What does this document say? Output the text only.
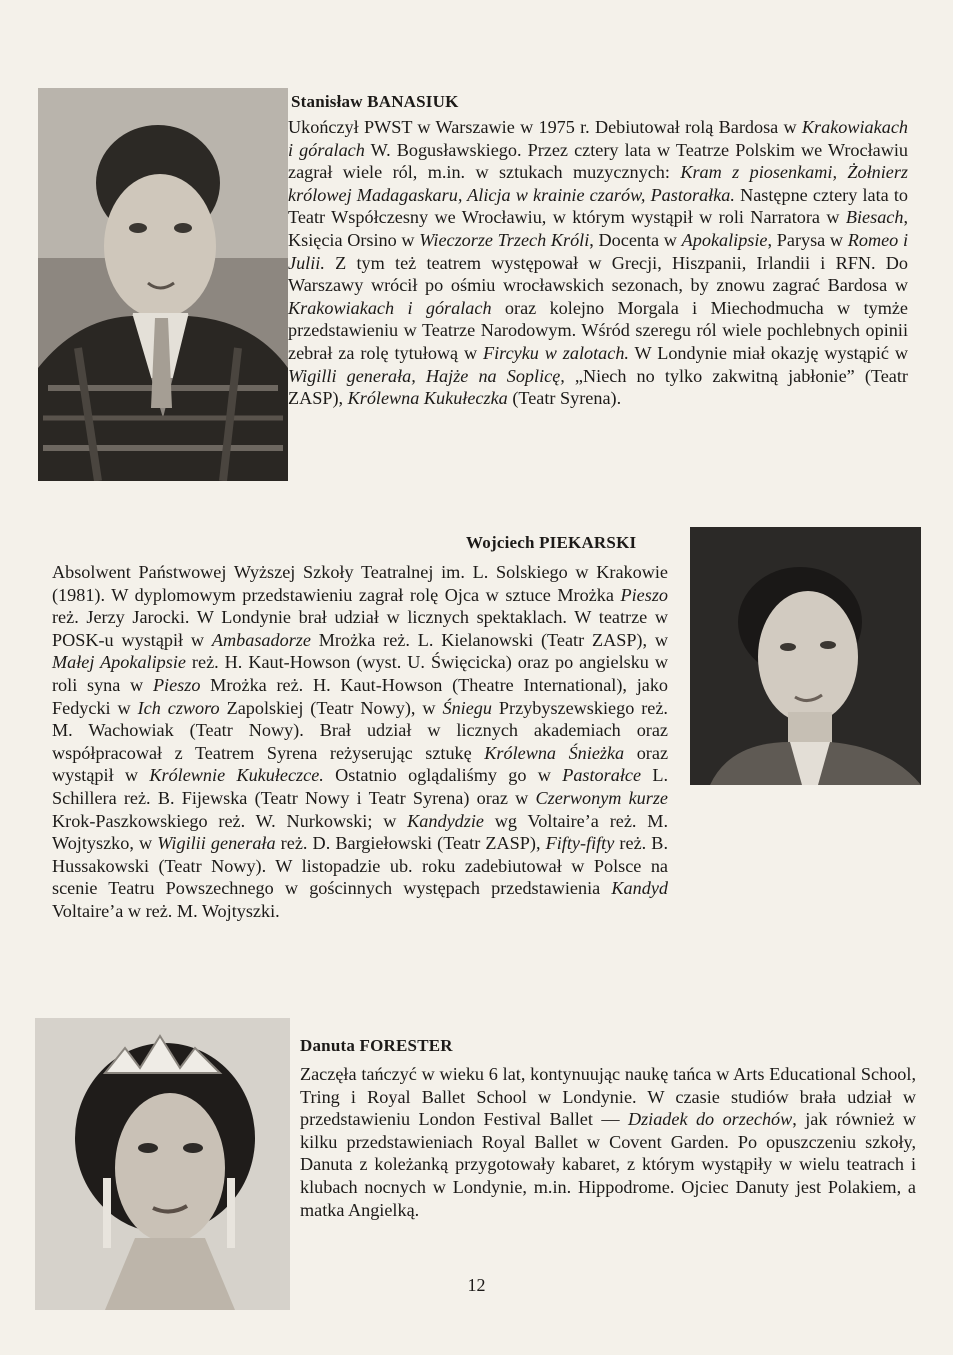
Stanisław BANASIUK

Ukończył PWST w Warszawie w 1975 r. Debiutował rolą Bardosa w Krakowiakach i góralach W. Bogusławskiego. Przez cztery lata w Teatrze Polskim we Wrocławiu zagrał wiele ról, m.in. w sztukach muzycznych: Kram z piosenkami, Żołnierz królowej Madagaskaru, Alicja w krainie czarów, Pastorałka. Następne cztery lata to Teatr Współczesny we Wrocławiu, w którym wystąpił w roli Narratora w Biesach, Księcia Orsino w Wieczorze Trzech Króli, Docenta w Apokalipsie, Parysa w Romeo i Julii. Z tym też teatrem występował w Grecji, Hiszpanii, Irlandii i RFN. Do Warszawy wrócił po ośmiu wrocławskich sezonach, by znowu zagrać Bardosa w Krakowiakach i góralach oraz kolejno Morgala i Miechodmucha w tymże przedstawieniu w Teatrze Narodowym. Wśród szeregu ról wiele pochlebnych opinii zebrał za rolę tytułową w Fircyku w zalotach. W Londynie miał okazję wystąpić w Wigilli generała, Hajże na Soplicę, „Niech no tylko zakwitną jabłonie” (Teatr ZASP), Królewna Kukułeczka (Teatr Syrena).

Wojciech PIEKARSKI

Absolwent Państwowej Wyższej Szkoły Teatralnej im. L. Solskiego w Krakowie (1981). W dyplomowym przedstawieniu zagrał rolę Ojca w sztuce Mrożka Pieszo reż. Jerzy Jarocki. W Londynie brał udział w licznych spektaklach. W teatrze w POSK-u wystąpił w Ambasadorze Mrożka reż. L. Kielanowski (Teatr ZASP), w Małej Apokalipsie reż. H. Kaut-Howson (wyst. U. Święcicka) oraz po angielsku w roli syna w Pieszo Mrożka reż. H. Kaut-Howson (Theatre International), jako Fedycki w Ich czworo Zapolskiej (Teatr Nowy), w Śniegu Przybyszewskiego reż. M. Wachowiak (Teatr Nowy). Brał udział w licznych akademiach oraz współpracował z Teatrem Syrena reżyserując sztukę Królewna Śnieżka oraz wystąpił w Królewnie Kukułeczce. Ostatnio oglądaliśmy go w Pastorałce L. Schillera reż. B. Fijewska (Teatr Nowy i Teatr Syrena) oraz w Czerwonym kurze Krok-Paszkowskiego reż. W. Nurkowski; w Kandydzie wg Voltaire’a reż. M. Wojtyszko, w Wigilii generała reż. D. Bargiełowski (Teatr ZASP), Fifty-fifty reż. B. Hussakowski (Teatr Nowy). W listopadzie ub. roku zadebiutował w Polsce na scenie Teatru Powszechnego w gościnnych występach przedstawienia Kandyd Voltaire’a w reż. M. Wojtyszki.

Danuta FORESTER

Zaczęła tańczyć w wieku 6 lat, kontynuując naukę tańca w Arts Educational School, Tring i Royal Ballet School w Londynie. W czasie studiów brała udział w przedstawieniu London Festival Ballet — Dziadek do orzechów, jak również w kilku przedstawieniach Royal Ballet w Covent Garden. Po opuszczeniu szkoły, Danuta z koleżanką przygotowały kabaret, z którym wystąpiły w wielu teatrach i klubach nocnych w Londynie, m.in. Hippodrome. Ojciec Danuty jest Polakiem, a matka Angielką.

12
